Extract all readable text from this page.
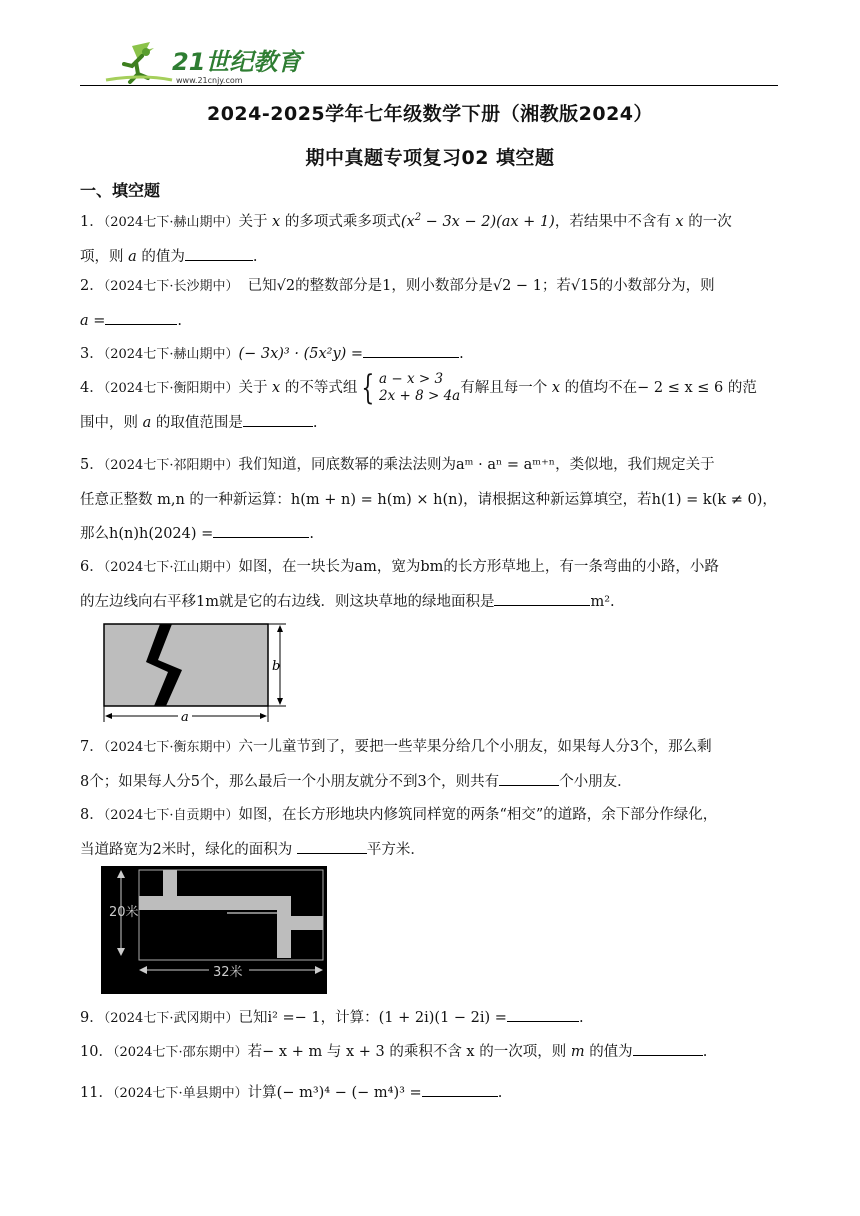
21世纪教育
www.21cnjy.com
2024-2025学年七年级数学下册（湘教版2024）
期中真题专项复习02 填空题
一、填空题
1．（2024七下·赫山期中）关于 x 的多项式乘多项式$(x^2 - 3x - 2)(ax + 1)$，若结果中不含有 x 的一次
项，则 a 的值为	.
2．（2024七下·长沙期中） 已知√2的整数部分是1，则小数部分是√2 − 1；若√15的小数部分为，则
a =	.
3．（2024七下·赫山期中）(− 3x)³ · (5x²y) =	.
4．（2024七下·衡阳期中）关于 x 的不等式组 { a − x > 3
2x + 8 > 4a有解且每一个 x 的值均不在− 2 ≤ x ≤ 6 的范
围中，则 a 的取值范围是	.
5．（2024七下·祁阳期中）我们知道，同底数幂的乘法法则为aᵐ · aⁿ = aᵐ⁺ⁿ，类似地，我们规定关于
任意正整数 m,n 的一种新运算：h(m + n) = h(m) × h(n)，请根据这种新运算填空，若h(1) = k(k ≠ 0)，
那么h(n)h(2024) =	.
6．（2024七下·江山期中）如图，在一块长为am，宽为bm的长方形草地上，有一条弯曲的小路，小路
的左边线向右平移1m就是它的右边线．则这块草地的绿地面积是	m².
b
a
7．（2024七下·衡东期中）六一儿童节到了，要把一些苹果分给几个小朋友，如果每人分3个，那么剩
8个；如果每人分5个，那么最后一个小朋友就分不到3个，则共有	个小朋友．
8．（2024七下·自贡期中）如图，在长方形地块内修筑同样宽的两条“相交”的道路，余下部分作绿化，
当道路宽为2米时，绿化的面积为	平方米．
20米
32米
9．（2024七下·武冈期中）已知i² =− 1，计算：(1 + 2i)(1 − 2i) =	.
10．（2024七下·邵东期中）若− x + m 与 x + 3 的乘积不含 x 的一次项，则 m 的值为	.
11．（2024七下·单县期中）计算(− m³)⁴ − (− m⁴)³ =	.
